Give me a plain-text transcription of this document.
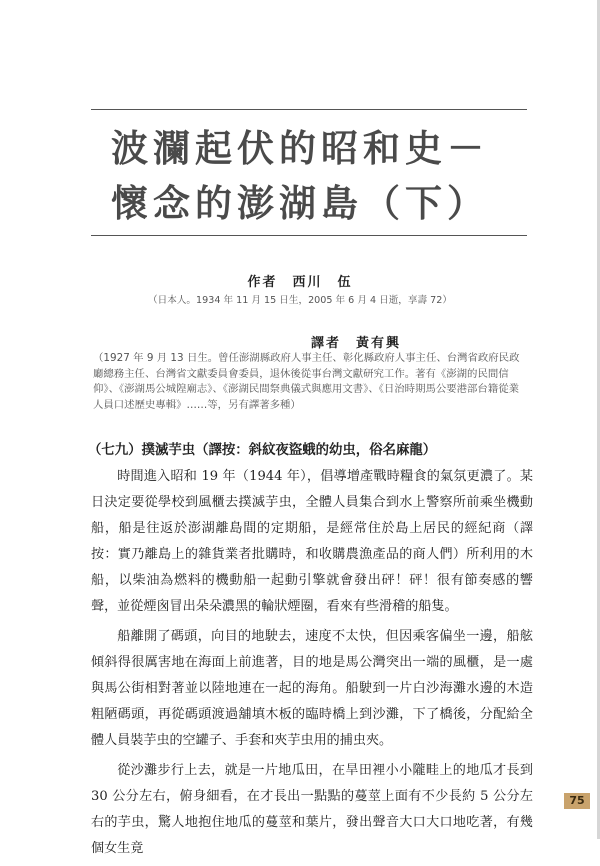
波瀾起伏的昭和史－
懷念的澎湖島（下）
作者　西川　伍
（日本人。1934 年 11 月 15 日生，2005 年 6 月 4 日逝，享壽 72）
譯者　黃有興
（1927 年 9 月 13 日生。曾任澎湖縣政府人事主任、彰化縣政府人事主任、台灣省政府民政廳總務主任、台灣省文獻委員會委員，退休後從事台灣文獻研究工作。著有《澎湖的民間信仰》、《澎湖馬公城隍廟志》、《澎湖民間祭典儀式與應用文書》、《日治時期馬公要港部台籍從業人員口述歷史專輯》……等，另有譯著多種）
（七九）撲滅芋虫（譯按：斜紋夜盜蛾的幼虫，俗名麻龍）

時間進入昭和 19 年（1944 年），倡導增產戰時糧食的氣氛更濃了。某日決定要從學校到風櫃去撲滅芋虫，全體人員集合到水上警察所前乘坐機動船，船是往返於澎湖離島間的定期船，是經常住於島上居民的經紀商（譯按：實乃離島上的雜貨業者批購時，和收購農漁產品的商人們）所利用的木船，以柴油為燃料的機動船一起動引擎就會發出砰！砰！很有節奏感的響聲，並從煙囪冒出朵朵濃黑的輪狀煙圈，看來有些滑稽的船隻。

船離開了碼頭，向目的地駛去，速度不太快，但因乘客偏坐一邊，船舷傾斜得很厲害地在海面上前進著，目的地是馬公灣突出一端的風櫃，是一處與馬公街相對著並以陸地連在一起的海角。船駛到一片白沙海灘水邊的木造粗陋碼頭，再從碼頭渡過舖填木板的臨時橋上到沙灘，下了橋後，分配給全體人員裝芋虫的空罐子、手套和夾芋虫用的捕虫夾。

從沙灘步行上去，就是一片地瓜田，在旱田裡小小隴畦上的地瓜才長到 30 公分左右，俯身細看，在才長出一點點的蔓莖上面有不少長約 5 公分左右的芋虫，驚人地抱住地瓜的蔓莖和葉片，發出聲音大口大口地吃著，有幾個女生竟

75
